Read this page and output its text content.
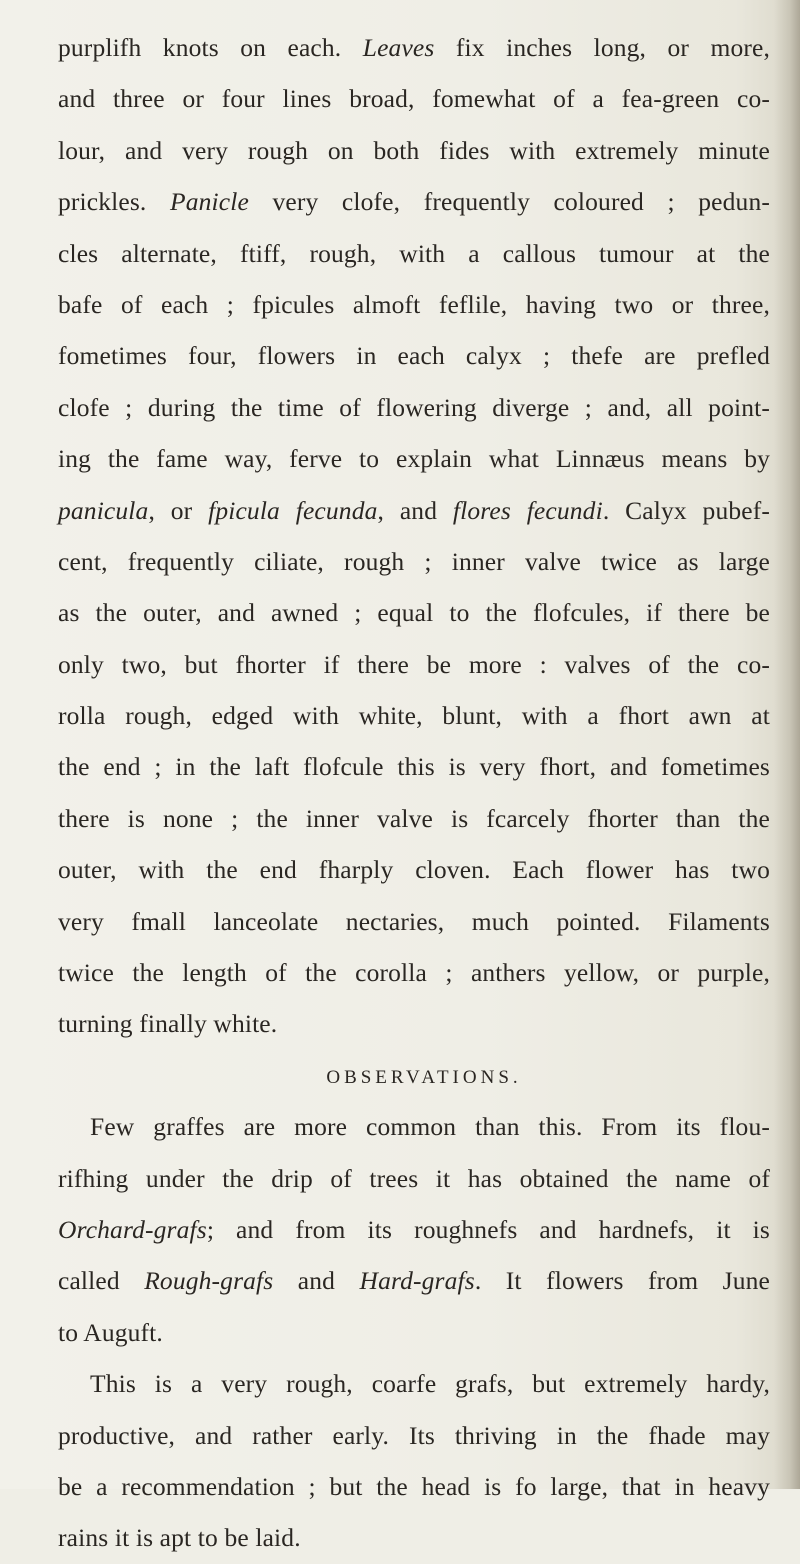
purplifh knots on each. Leaves fix inches long, or more,
and three or four lines broad, fomewhat of a fea-green co-
lour, and very rough on both fides with extremely minute
prickles. Panicle very clofe, frequently coloured ; pedun-
cles alternate, ftiff, rough, with a callous tumour at the
bafe of each ; fpicules almoft feflile, having two or three,
fometimes four, flowers in each calyx ; thefe are prefled
clofe ; during the time of flowering diverge ; and, all point-
ing the fame way, ferve to explain what Linnæus means by
panicula, or fpicula fecunda, and flores fecundi. Calyx pubef-
cent, frequently ciliate, rough ; inner valve twice as large
as the outer, and awned ; equal to the flofcules, if there be
only two, but fhorter if there be more : valves of the co-
rolla rough, edged with white, blunt, with a fhort awn at
the end ; in the laft flofcule this is very fhort, and fometimes
there is none ; the inner valve is fcarcely fhorter than the
outer, with the end fharply cloven. Each flower has two
very fmall lanceolate nectaries, much pointed. Filaments
twice the length of the corolla ; anthers yellow, or purple,
turning finally white.
OBSERVATIONS.
Few graffes are more common than this. From its flou-
rifhing under the drip of trees it has obtained the name of
Orchard-grafs; and from its roughnefs and hardnefs, it is
called Rough-grafs and Hard-grafs. It flowers from June
to Auguft.
This is a very rough, coarfe grafs, but extremely hardy,
productive, and rather early. Its thriving in the fhade may
be a recommendation ; but the head is fo large, that in heavy
rains it is apt to be laid.
